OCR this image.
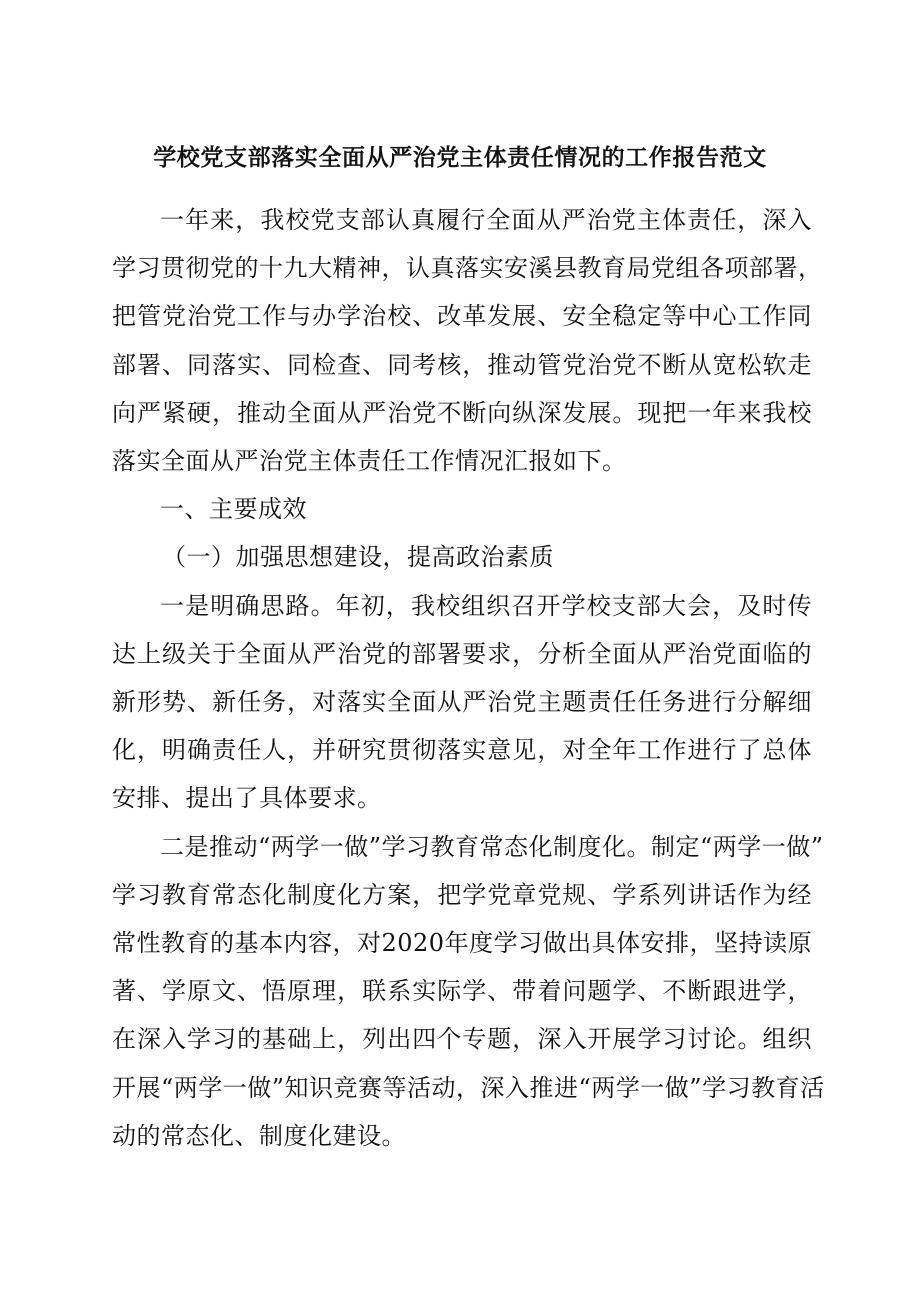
学校党支部落实全面从严治党主体责任情况的工作报告范文

一年来，我校党支部认真履行全面从严治党主体责任，深入
学习贯彻党的十九大精神，认真落实安溪县教育局党组各项部署，
把管党治党工作与办学治校、改革发展、安全稳定等中心工作同
部署、同落实、同检查、同考核，推动管党治党不断从宽松软走
向严紧硬，推动全面从严治党不断向纵深发展。现把一年来我校
落实全面从严治党主体责任工作情况汇报如下。

一、主要成效

（一）加强思想建设，提高政治素质

一是明确思路。年初，我校组织召开学校支部大会，及时传
达上级关于全面从严治党的部署要求，分析全面从严治党面临的
新形势、新任务，对落实全面从严治党主题责任任务进行分解细
化，明确责任人，并研究贯彻落实意见，对全年工作进行了总体
安排、提出了具体要求。

二是推动“两学一做”学习教育常态化制度化。制定“两学一做”
学习教育常态化制度化方案，把学党章党规、学系列讲话作为经
常性教育的基本内容，对2020年度学习做出具体安排，坚持读原
著、学原文、悟原理，联系实际学、带着问题学、不断跟进学，
在深入学习的基础上，列出四个专题，深入开展学习讨论。组织
开展“两学一做”知识竞赛等活动，深入推进“两学一做”学习教育活
动的常态化、制度化建设。
